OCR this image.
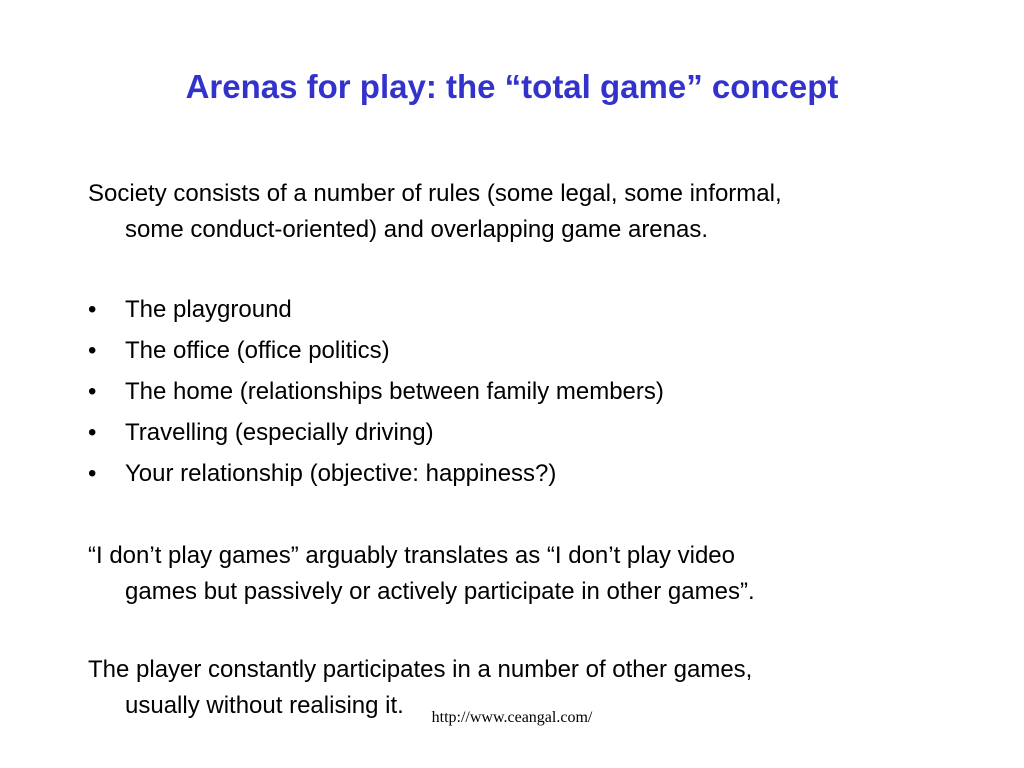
Arenas for play: the “total game” concept
Society consists of a number of rules (some legal, some informal,
some conduct-oriented) and overlapping game arenas.
•	The playground
•	The office (office politics)
•	The home (relationships between family members)
•	Travelling (especially driving)
•	Your relationship (objective: happiness?)
“I don’t play games” arguably translates as “I don’t play video
games but passively or actively participate in other games”.
The player constantly participates in a number of other games,
usually without realising it.	http://www.ceangal.com/
